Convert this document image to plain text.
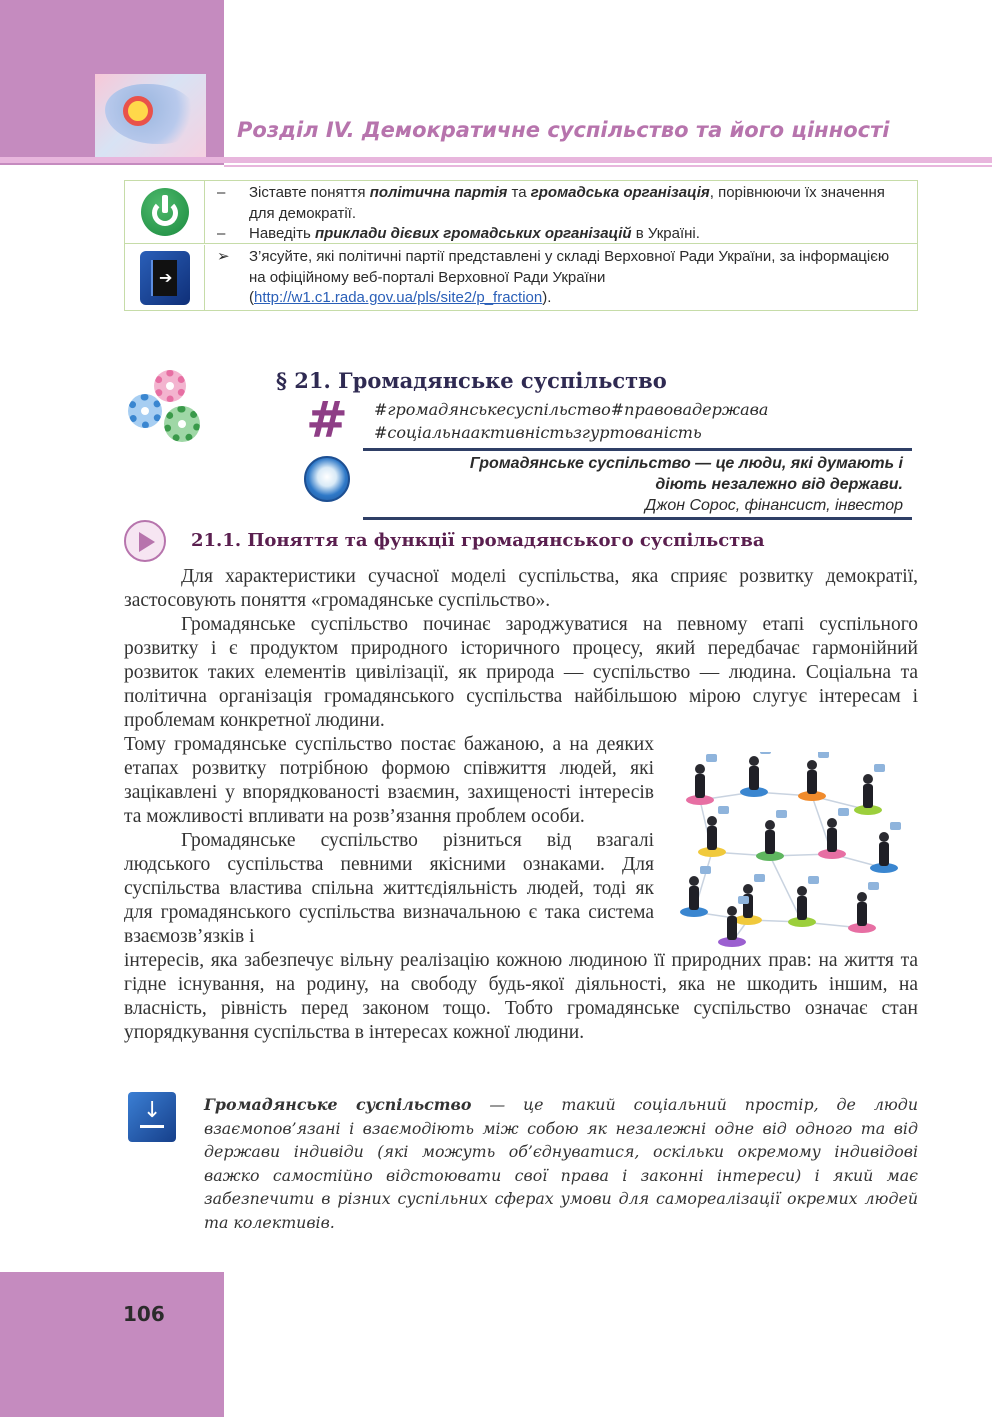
Розділ IV. Демократичне суспільство та його цінності
– Зіставте поняття політична партія та громадська організація, порівнюючи їх значення для демократії.
– Наведіть приклади дієвих громадських організацій в Україні.
➔
➢ З’ясуйте, які політичні партії представлені у складі Верховної Ради України, за інформацією на офіційному веб-порталі Верховної Ради України (http://w1.c1.rada.gov.ua/pls/site2/p_fraction).
§ 21. Громадянське суспільство
# #громадянськесуспільство#правовадержава
#соціальнаактивністьзгуртованість
Громадянське суспільство — це люди, які думають і
діють незалежно від держави.
Джон Сорос, фінансист, інвестор
21.1. Поняття та функції громадянського суспільства

Для характеристики сучасної моделі суспільства, яка сприяє розвитку демократії, застосовують поняття «громадянське суспільство».

Громадянське суспільство починає зароджуватися на певному етапі суспільного розвитку і є продуктом природного історичного процесу, який передбачає гармонійний розвиток таких елементів цивілізації, як природа — суспільство — людина. Соціальна та політична організація громадянського суспільства найбільшою мірою слугує інтересам і проблемам конкретної людини.

Тому громадянське суспільство постає бажаною, а на деяких етапах розвитку потрібною формою співжиття людей, які зацікавлені у впорядкованості взаємин, захищеності інтересів та можливості впливати на розв’язання проблем особи.

Громадянське суспільство різниться від взагалі людського суспільства певними якісними ознаками. Для суспільства властива спільна життєдіяльність людей, тоді як для громадянського суспільства визначальною є така система взаємозв’язків і

інтересів, яка забезпечує вільну реалізацію кожною людиною її природних прав: на життя та гідне існування, на родину, на свободу будь-якої діяльності, яка не шкодить іншим, на власність, рівність перед законом тощо. Тобто громадянське суспільство означає стан упорядкування суспільства в інтересах кожної людини.

↓	Громадянське суспільство — це такий соціальний простір, де люди взаємопов’язані і взаємодіють між собою як незалежні одне від одного та від держави індивіди (які можуть об’єднуватися, оскільки окремому індивідові важко самостійно відстоювати свої права і законні інтереси) і який має забезпечити в різних суспільних сферах умови для самореалізації окремих людей та колективів.
106
